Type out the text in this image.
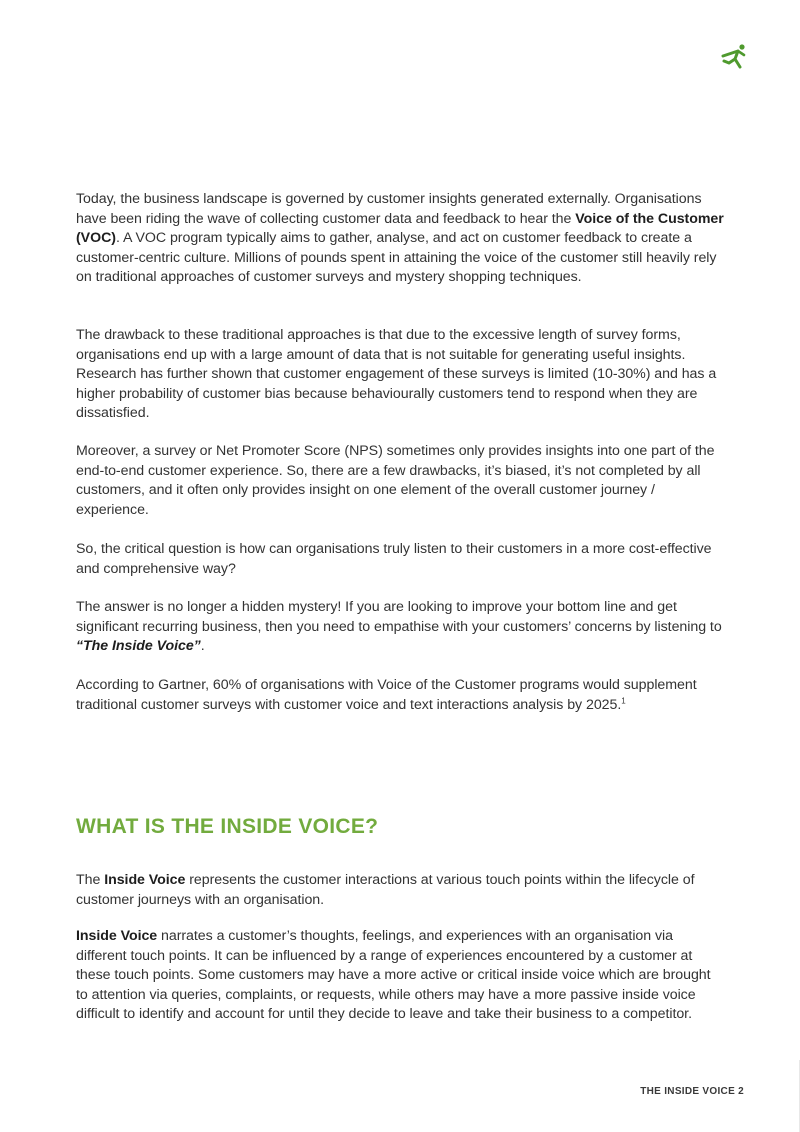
Today, the business landscape is governed by customer insights generated externally. Organisations have been riding the wave of collecting customer data and feedback to hear the Voice of the Customer (VOC). A VOC program typically aims to gather, analyse, and act on customer feedback to create a customer-centric culture. Millions of pounds spent in attaining the voice of the customer still heavily rely on traditional approaches of customer surveys and mystery shopping techniques.

The drawback to these traditional approaches is that due to the excessive length of survey forms, organisations end up with a large amount of data that is not suitable for generating useful insights. Research has further shown that customer engagement of these surveys is limited (10-30%) and has a higher probability of customer bias because behaviourally customers tend to respond when they are dissatisfied.

Moreover, a survey or Net Promoter Score (NPS) sometimes only provides insights into one part of the end-to-end customer experience. So, there are a few drawbacks, it’s biased, it’s not completed by all customers, and it often only provides insight on one element of the overall customer journey / experience.

So, the critical question is how can organisations truly listen to their customers in a more cost-effective and comprehensive way?

The answer is no longer a hidden mystery! If you are looking to improve your bottom line and get significant recurring business, then you need to empathise with your customers’ concerns by listening to “The Inside Voice”.

According to Gartner, 60% of organisations with Voice of the Customer programs would supplement traditional customer surveys with customer voice and text interactions analysis by 2025.$^1$

WHAT IS THE INSIDE VOICE?

The Inside Voice represents the customer interactions at various touch points within the lifecycle of customer journeys with an organisation.

Inside Voice narrates a customer’s thoughts, feelings, and experiences with an organisation via different touch points. It can be influenced by a range of experiences encountered by a customer at these touch points. Some customers may have a more active or critical inside voice which are brought to attention via queries, complaints, or requests, while others may have a more passive inside voice difficult to identify and account for until they decide to leave and take their business to a competitor.

THE INSIDE VOICE 2
